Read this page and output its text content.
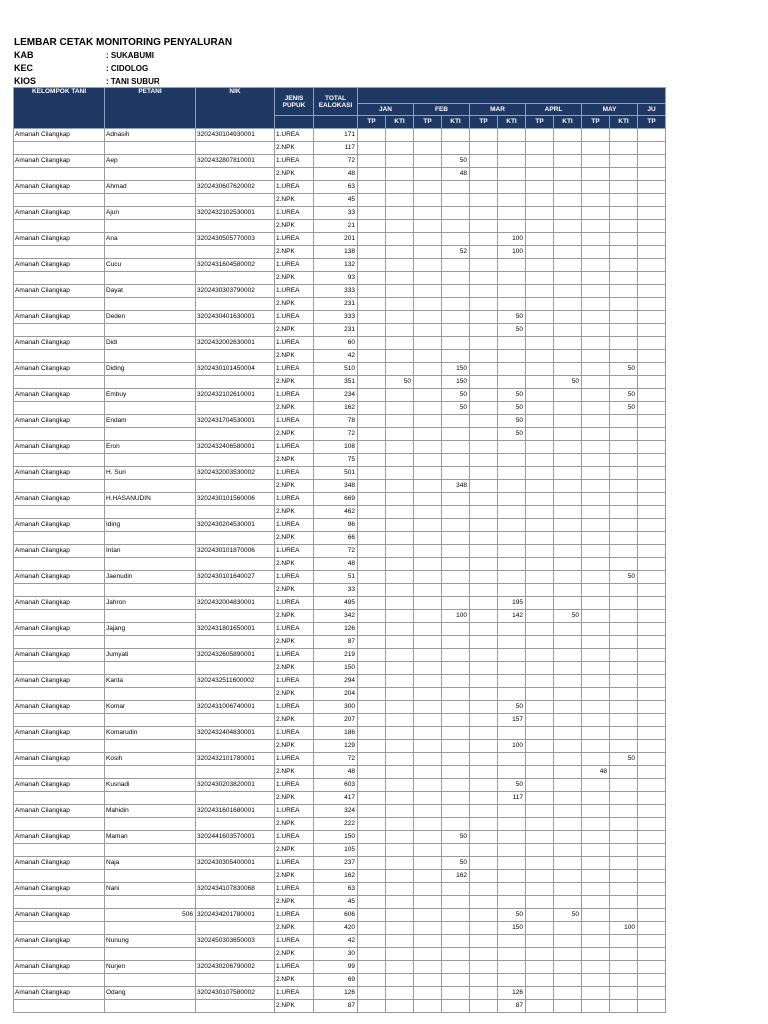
LEMBAR CETAK MONITORING PENYALURAN
KAB	: SUKABUMI
KEC	: CIDOLOG
KIOS	: TANI SUBUR
KELOMPOK TANI	PETANI	NIK	JENIS PUPUK	TOTAL EALOKASI											
					JAN		FEB		MAR		APRL		MAY		JU
					TP	KTI	TP	KTI	TP	KTI	TP	KTI	TP	KTI	TP
Amanah Cilangkap	Adnasih	3202430104930001	1.UREA	171											
			2.NPK	117											
Amanah Cilangkap	Aep	3202432807810001	1.UREA	72				50							
			2.NPK	48				48							
Amanah Cilangkap	Ahmad	3202430607620002	1.UREA	63											
			2.NPK	45											
Amanah Cilangkap	Ajun	3202432102530001	1.UREA	33											
			2.NPK	21											
Amanah Cilangkap	Ana	3202430505770003	1.UREA	201						100					
			2.NPK	138				52		100					
Amanah Cilangkap	Cucu	3202431604580002	1.UREA	132											
			2.NPK	93											
Amanah Cilangkap	Dayat	3202430303790002	1.UREA	333											
			2.NPK	231											
Amanah Cilangkap	Deden	3202430401630001	1.UREA	333						50					
			2.NPK	231						50					
Amanah Cilangkap	Didi	3202432002630001	1.UREA	60											
			2.NPK	42											
Amanah Cilangkap	Diding	3202430101450004	1.UREA	510				150						50	
			2.NPK	351		50		150				50			
Amanah Cilangkap	Embuy	3202432102610001	1.UREA	234				50		50				50	
			2.NPK	162				50		50				50	
Amanah Cilangkap	Endam	3202431704530001	1.UREA	78						50					
			2.NPK	72						50					
Amanah Cilangkap	Eron	3202432406580001	1.UREA	108											
			2.NPK	75											
Amanah Cilangkap	H. Suri	3202432003530002	1.UREA	501											
			2.NPK	348				348							
Amanah Cilangkap	H.HASANUDIN	3202430101560006	1.UREA	669											
			2.NPK	462											
Amanah Cilangkap	Iding	3202430204530001	1.UREA	96											
			2.NPK	66											
Amanah Cilangkap	Intan	3202430101870006	1.UREA	72											
			2.NPK	48											
Amanah Cilangkap	Jaenudin	3202430101640027	1.UREA	51										50	
			2.NPK	33											
Amanah Cilangkap	Jahron	3202432004830001	1.UREA	495						195					
			2.NPK	342				100		142		50			
Amanah Cilangkap	Jajang	3202431801650001	1.UREA	126											
			2.NPK	87											
Amanah Cilangkap	Jumyati	3202432605890001	1.UREA	219											
			2.NPK	150											
Amanah Cilangkap	Kanta	3202432511600002	1.UREA	294											
			2.NPK	204											
Amanah Cilangkap	Komar	3202431006740001	1.UREA	300						50					
			2.NPK	207						157					
Amanah Cilangkap	Komarudin	3202432404830001	1.UREA	186											
			2.NPK	129						100					
Amanah Cilangkap	Kosih	3202432101780001	1.UREA	72										50	
			2.NPK	48									48		
Amanah Cilangkap	Kusnadi	3202430203820001	1.UREA	603						50					
			2.NPK	417						117					
Amanah Cilangkap	Mahidin	3202431601680001	1.UREA	324											
			2.NPK	222											
Amanah Cilangkap	Maman	3202441603570001	1.UREA	150				50							
			2.NPK	105											
Amanah Cilangkap	Naja	3202430305400001	1.UREA	237				50							
			2.NPK	162				162							
Amanah Cilangkap	Nani	3202434107830068	1.UREA	63											
			2.NPK	45											
Amanah Cilangkap	506	3202434201780001	1.UREA	606						50		50			
			2.NPK	420						150				100	
Amanah Cilangkap	Nunung	3202450303650003	1.UREA	42											
			2.NPK	30											
Amanah Cilangkap	Nurjen	3202430206790002	1.UREA	99											
			2.NPK	69											
Amanah Cilangkap	Odang	3202430107580002	1.UREA	126						126					
			2.NPK	87						87					
